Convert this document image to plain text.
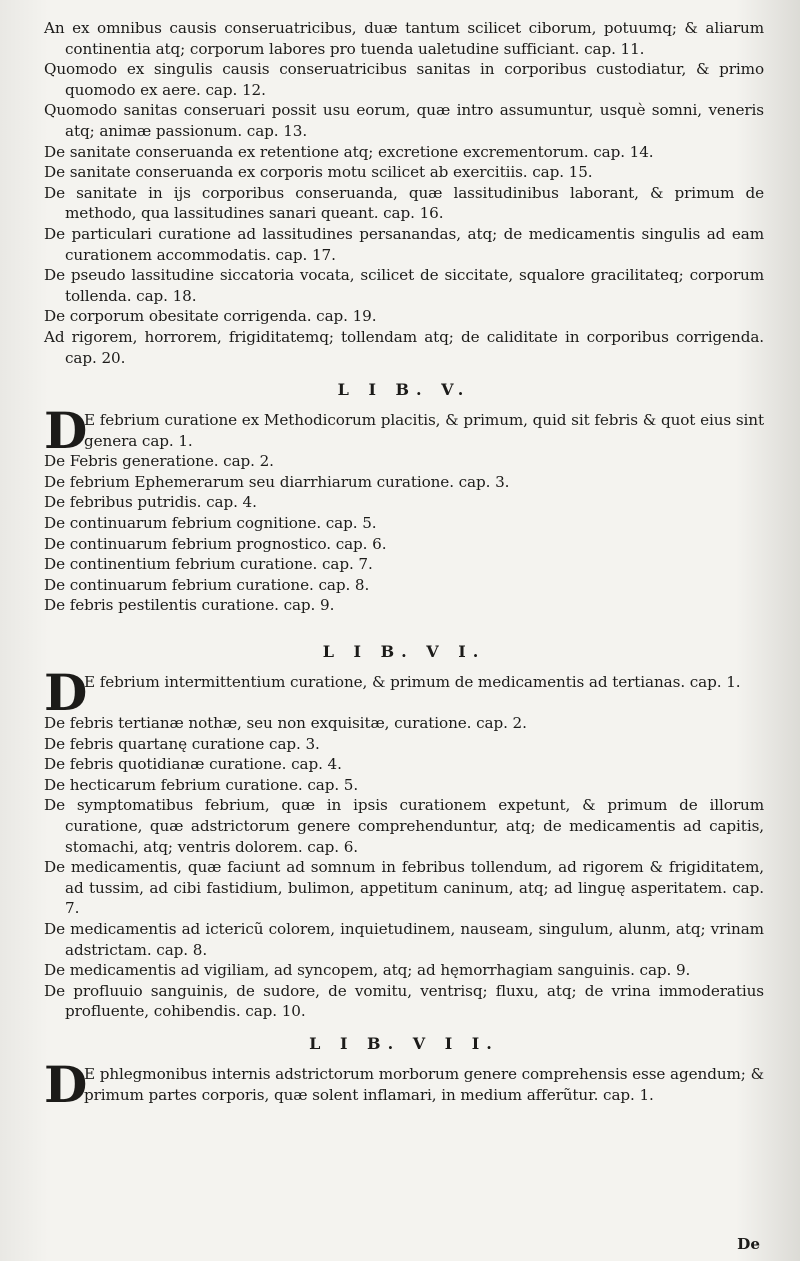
An ex omnibus causis conseruatricibus, duæ tantum scilicet ciborum, potuumq; & aliarum continentia atq; corporum labores pro tuenda ualetudine sufficiant. cap. 11.
Quomodo ex singulis causis conseruatricibus sanitas in corporibus custodiatur, & primo quomodo ex aere. cap. 12.
Quomodo sanitas conseruari possit usu eorum, quæ intro assumuntur, usquè somni, veneris atq; animæ passionum. cap. 13.
De sanitate conseruanda ex retentione atq; excretione excrementorum. cap. 14.
De sanitate conseruanda ex corporis motu scilicet ab exercitiis. cap. 15.
De sanitate in ijs corporibus conseruanda, quæ lassitudinibus laborant, & primum de methodo, qua lassitudines sanari queant. cap. 16.
De particulari curatione ad lassitudines persanandas, atq; de medicamentis singulis ad eam curationem accommodatis. cap. 17.
De pseudo lassitudine siccatoria vocata, scilicet de siccitate, squalore gracilitateq; corporum tollenda. cap. 18.
De corporum obesitate corrigenda. cap. 19.
Ad rigorem, horrorem, frigiditatemq; tollendam atq; de caliditate in corporibus corrigenda. cap. 20.
L I B. V.
D
E febrium curatione ex Methodicorum placitis, & primum, quid sit febris & quot eius sint genera cap. 1.
De Febris generatione. cap. 2.
De febrium Ephemerarum seu diarrhiarum curatione. cap. 3.
De febribus putridis. cap. 4.
De continuarum febrium cognitione. cap. 5.
De continuarum febrium prognostico. cap. 6.
De continentium febrium curatione. cap. 7.
De continuarum febrium curatione. cap. 8.
De febris pestilentis curatione. cap. 9.
L I B. V I.
D
E febrium intermittentium curatione, & primum de medicamentis ad tertianas. cap. 1.
De febris tertianæ nothæ, seu non exquisitæ, curatione. cap. 2.
De febris quartanę curatione cap. 3.
De febris quotidianæ curatione. cap. 4.
De hecticarum febrium curatione. cap. 5.
De symptomatibus febrium, quæ in ipsis curationem expetunt, & primum de illorum curatione, quæ adstrictorum genere comprehenduntur, atq; de medicamentis ad capitis, stomachi, atq; ventris dolorem. cap. 6.
De medicamentis, quæ faciunt ad somnum in febribus tollendum, ad rigorem & frigiditatem, ad tussim, ad cibi fastidium, bulimon, appetitum caninum, atq; ad linguę asperitatem. cap. 7.
De medicamentis ad ictericũ colorem, inquietudinem, nauseam, singulum, alunm, atq; vrinam adstrictam. cap. 8.
De medicamentis ad vigiliam, ad syncopem, atq; ad hęmorrhagiam sanguinis. cap. 9.
De profluuio sanguinis, de sudore, de vomitu, ventrisq; fluxu, atq; de vrina immoderatius profluente, cohibendis. cap. 10.
L I B. V I I.
D
E phlegmonibus internis adstrictorum morborum genere comprehensis esse agendum; & primum partes corporis, quæ solent inflamari, in medium afferũtur. cap. 1.
De
